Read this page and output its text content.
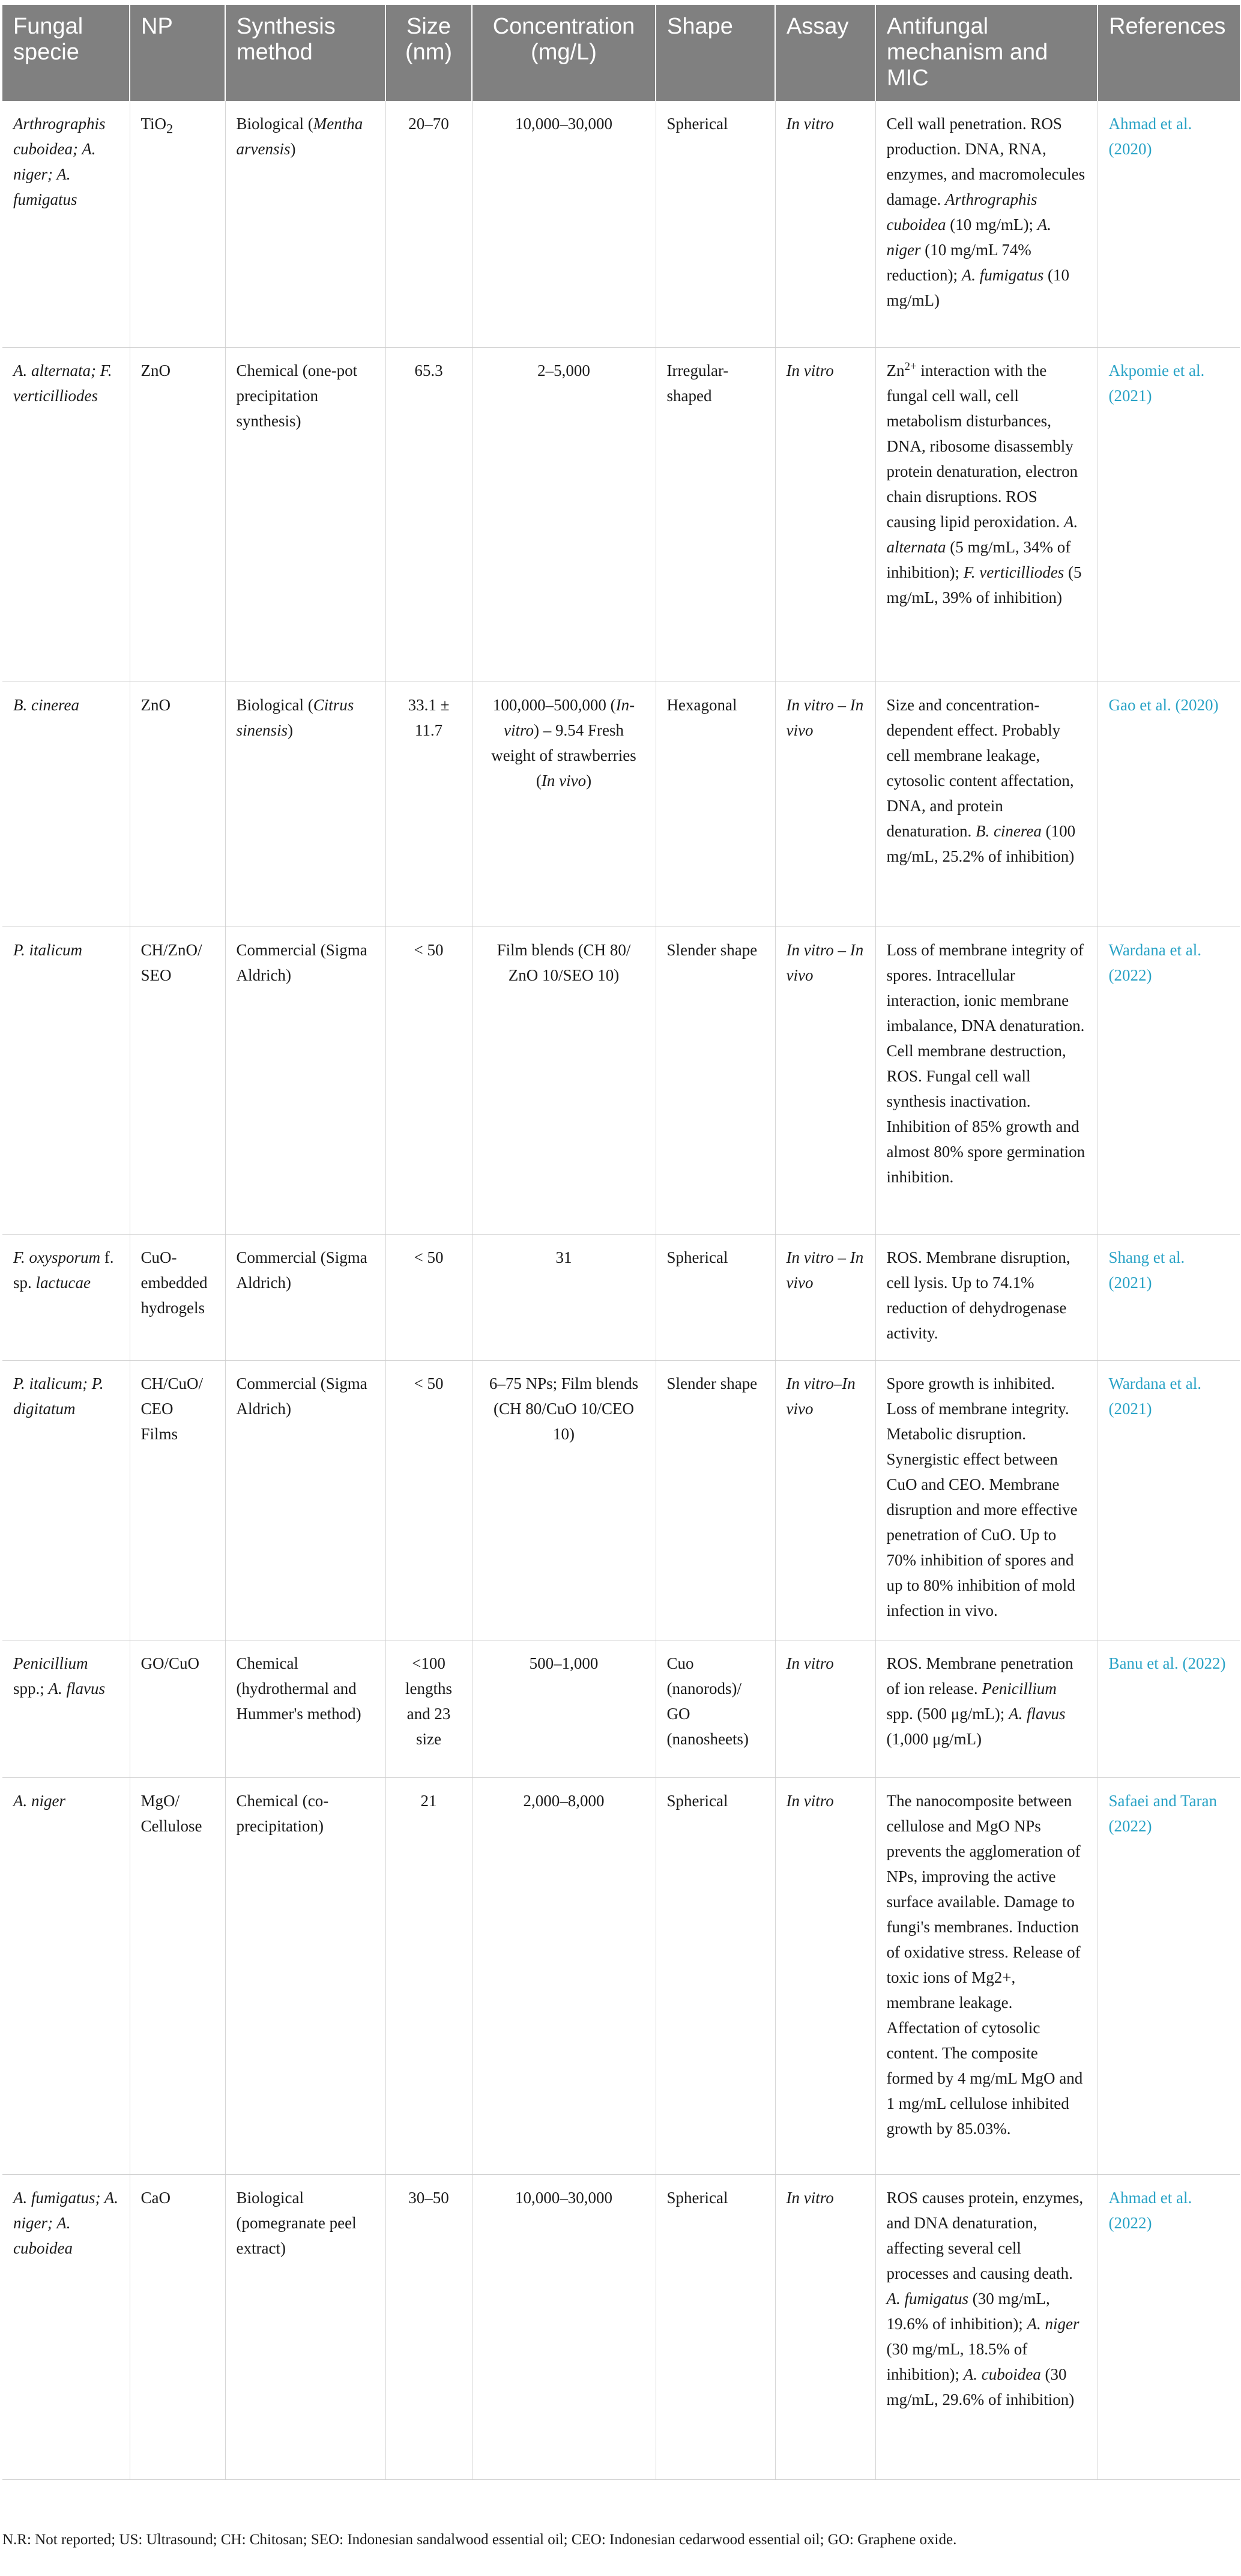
Fungal specie	NP	Synthesis method	Size (nm)	Concentration (mg/L)	Shape	Assay	Antifungal mechanism and MIC	References
Arthrographis cuboidea; A. niger; A. fumigatus	TiO$_2$	Biological (Mentha arvensis)	20–70	10,000–30,000	Spherical	In vitro	Cell wall penetration. ROS production. DNA, RNA, enzymes, and macromolecules damage. Arthrographis cuboidea (10 mg/mL); A. niger (10 mg/mL 74% reduction); A. fumigatus (10 mg/mL)	Ahmad et al. (2020)
A. alternata; F. verticilliodes	ZnO	Chemical (one-pot precipitation synthesis)	65.3	2–5,000	Irregular-shaped	In vitro	$Zn^{2+}$ interaction with the fungal cell wall, cell metabolism disturbances, DNA, ribosome disassembly protein denaturation, electron chain disruptions. ROS causing lipid peroxidation. A. alternata (5 mg/mL, 34% of inhibition); F. verticilliodes (5 mg/mL, 39% of inhibition)	Akpomie et al. (2021)
B. cinerea	ZnO	Biological (Citrus sinensis)	33.1 ± 11.7	100,000–500,000 (In-vitro) – 9.54 Fresh weight of strawberries (In vivo)	Hexagonal	In vitro – In vivo	Size and concentration-dependent effect. Probably cell membrane leakage, cytosolic content affectation, DNA, and protein denaturation. B. cinerea (100 mg/mL, 25.2% of inhibition)	Gao et al. (2020)
P. italicum	CH/ZnO/ SEO	Commercial (Sigma Aldrich)	< 50	Film blends (CH 80/ ZnO 10/SEO 10)	Slender shape	In vitro – In vivo	Loss of membrane integrity of spores. Intracellular interaction, ionic membrane imbalance, DNA denaturation. Cell membrane destruction, ROS. Fungal cell wall synthesis inactivation. Inhibition of 85% growth and almost 80% spore germination inhibition.	Wardana et al. (2022)
F. oxysporum f. sp. lactucae	CuO-embedded hydrogels	Commercial (Sigma Aldrich)	< 50	31	Spherical	In vitro – In vivo	ROS. Membrane disruption, cell lysis. Up to 74.1% reduction of dehydrogenase activity.	Shang et al. (2021)
P. italicum; P. digitatum	CH/CuO/ CEO Films	Commercial (Sigma Aldrich)	< 50	6–75 NPs; Film blends (CH 80/CuO 10/CEO 10)	Slender shape	In vitro–In vivo	Spore growth is inhibited. Loss of membrane integrity. Metabolic disruption. Synergistic effect between CuO and CEO. Membrane disruption and more effective penetration of CuO. Up to 70% inhibition of spores and up to 80% inhibition of mold infection in vivo.	Wardana et al. (2021)
Penicillium spp.; A. flavus	GO/CuO	Chemical (hydrothermal and Hummer's method)	<100 lengths and 23 size	500–1,000	Cuo (nanorods)/ GO (nanosheets)	In vitro	ROS. Membrane penetration of ion release. Penicillium spp. (500 μg/mL); A. flavus (1,000 μg/mL)	Banu et al. (2022)
A. niger	MgO/ Cellulose	Chemical (co-precipitation)	21	2,000–8,000	Spherical	In vitro	The nanocomposite between cellulose and MgO NPs prevents the agglomeration of NPs, improving the active surface available. Damage to fungi's membranes. Induction of oxidative stress. Release of toxic ions of Mg2+, membrane leakage. Affectation of cytosolic content. The composite formed by 4 mg/mL MgO and 1 mg/mL cellulose inhibited growth by 85.03%.	Safaei and Taran (2022)
A. fumigatus; A. niger; A. cuboidea	CaO	Biological (pomegranate peel extract)	30–50	10,000–30,000	Spherical	In vitro	ROS causes protein, enzymes, and DNA denaturation, affecting several cell processes and causing death. A. fumigatus (30 mg/mL, 19.6% of inhibition); A. niger (30 mg/mL, 18.5% of inhibition); A. cuboidea (30 mg/mL, 29.6% of inhibition)	Ahmad et al. (2022)
N.R: Not reported; US: Ultrasound; CH: Chitosan; SEO: Indonesian sandalwood essential oil; CEO: Indonesian cedarwood essential oil; GO: Graphene oxide.
